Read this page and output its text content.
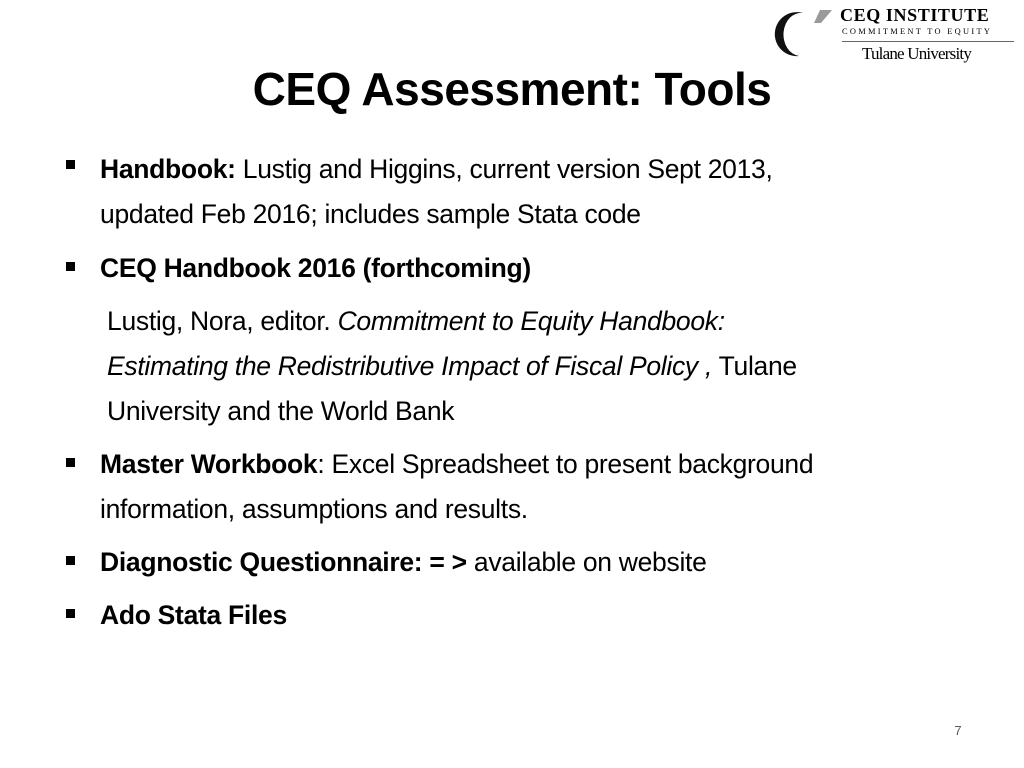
CEQ INSTITUTE
COMMITMENT TO EQUITY
Tulane University
CEQ Assessment: Tools
Handbook: Lustig and Higgins, current version Sept 2013,
updated Feb 2016; includes sample Stata code
CEQ Handbook 2016 (forthcoming)
Lustig, Nora, editor. Commitment to Equity Handbook:
Estimating the Redistributive Impact of Fiscal Policy , Tulane
University and the World Bank
Master Workbook: Excel Spreadsheet to present background
information, assumptions and results.
Diagnostic Questionnaire: = > available on website
Ado Stata Files
7
